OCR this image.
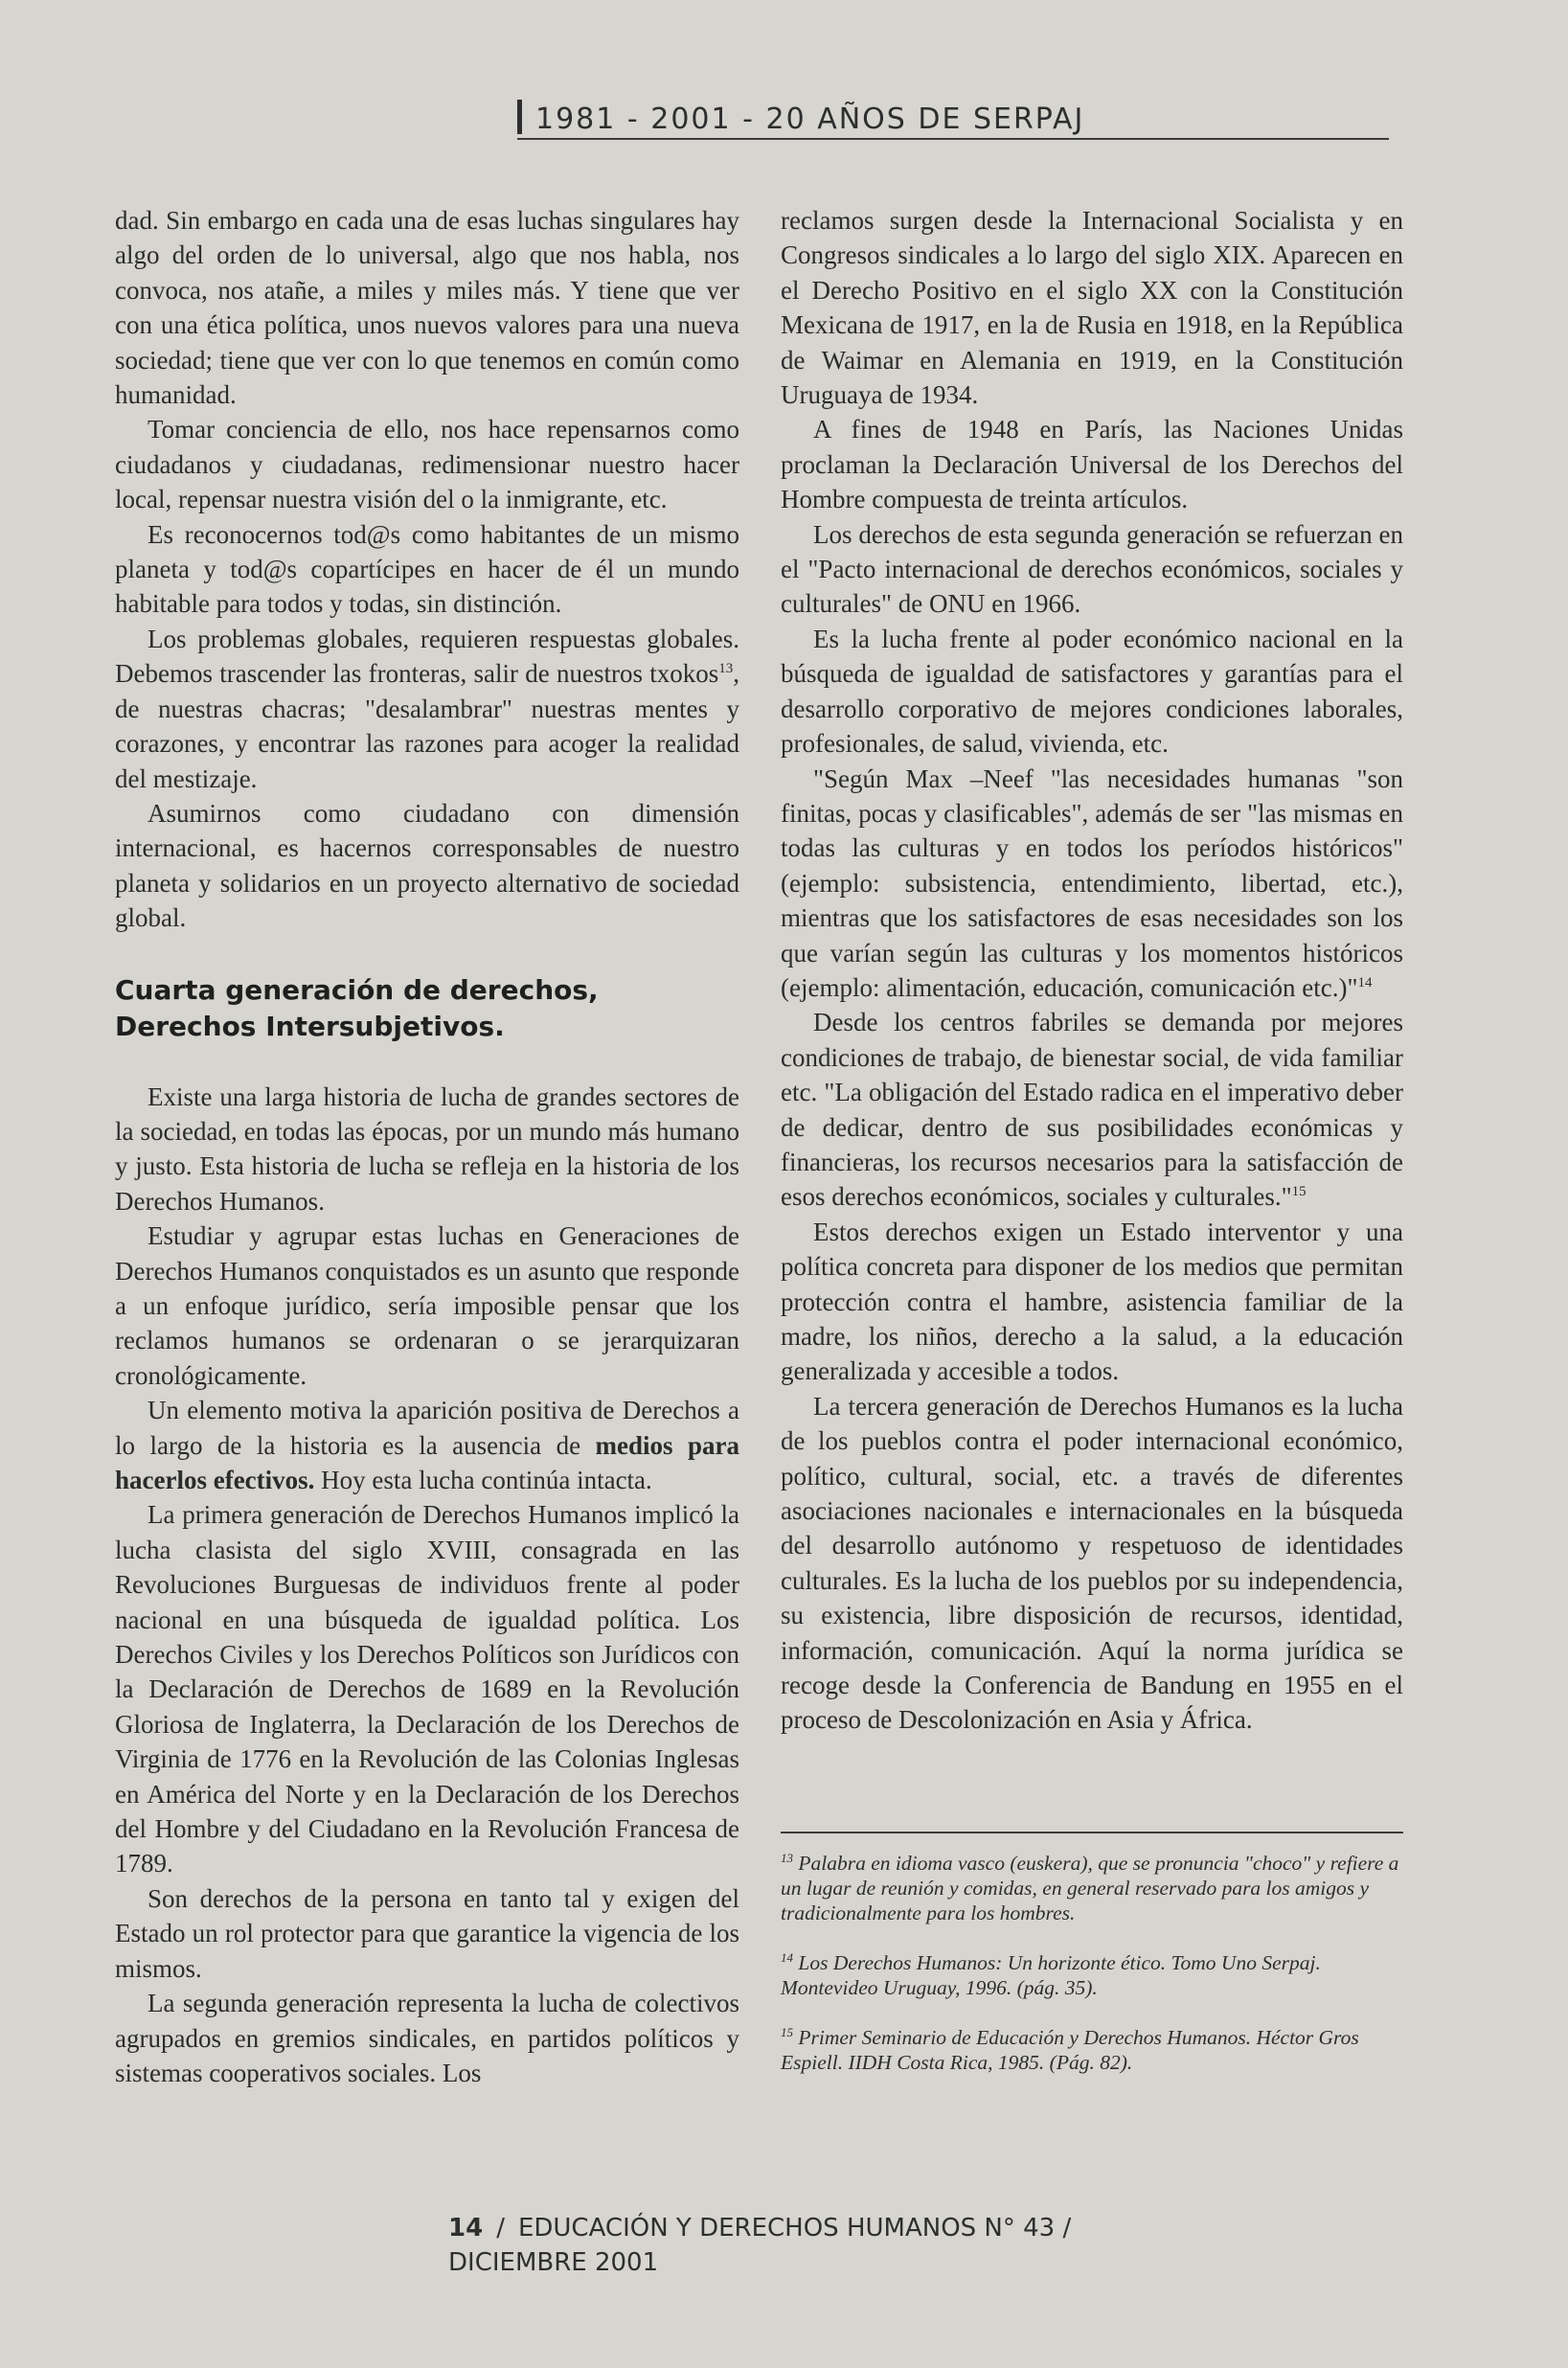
1981 - 2001 - 20 AÑOS DE SERPAJ

dad. Sin embargo en cada una de esas luchas singulares hay algo del orden de lo universal, algo que nos habla, nos convoca, nos atañe, a miles y miles más. Y tiene que ver con una ética política, unos nuevos valores para una nueva sociedad; tiene que ver con lo que tenemos en común como humanidad.

Tomar conciencia de ello, nos hace repensarnos como ciudadanos y ciudadanas, redimensionar nuestro hacer local, repensar nuestra visión del o la inmigrante, etc.

Es reconocernos tod@s como habitantes de un mismo planeta y tod@s copartícipes en hacer de él un mundo habitable para todos y todas, sin distinción.

Los problemas globales, requieren respuestas globales. Debemos trascender las fronteras, salir de nuestros txokos$^{13}$, de nuestras chacras; "desalambrar" nuestras mentes y corazones, y encontrar las razones para acoger la realidad del mestizaje.

Asumirnos como ciudadano con dimensión internacional, es hacernos corresponsables de nuestro planeta y solidarios en un proyecto alternativo de sociedad global.

Cuarta generación de derechos,
Derechos Intersubjetivos.

Existe una larga historia de lucha de grandes sectores de la sociedad, en todas las épocas, por un mundo más humano y justo. Esta historia de lucha se refleja en la historia de los Derechos Humanos.

Estudiar y agrupar estas luchas en Generaciones de Derechos Humanos conquistados es un asunto que responde a un enfoque jurídico, sería imposible pensar que los reclamos humanos se ordenaran o se jerarquizaran cronológicamente.

Un elemento motiva la aparición positiva de Derechos a lo largo de la historia es la ausencia de medios para hacerlos efectivos. Hoy esta lucha continúa intacta.

La primera generación de Derechos Humanos implicó la lucha clasista del siglo XVIII, consagrada en las Revoluciones Burguesas de individuos frente al poder nacional en una búsqueda de igualdad política. Los Derechos Civiles y los Derechos Políticos son Jurídicos con la Declaración de Derechos de 1689 en la Revolución Gloriosa de Inglaterra, la Declaración de los Derechos de Virginia de 1776 en la Revolución de las Colonias Inglesas en América del Norte y en la Declaración de los Derechos del Hombre y del Ciudadano en la Revolución Francesa de 1789.

Son derechos de la persona en tanto tal y exigen del Estado un rol protector para que garantice la vigencia de los mismos.

La segunda generación representa la lucha de colectivos agrupados en gremios sindicales, en partidos políticos y sistemas cooperativos sociales. Los

reclamos surgen desde la Internacional Socialista y en Congresos sindicales a lo largo del siglo XIX. Aparecen en el Derecho Positivo en el siglo XX con la Constitución Mexicana de 1917, en la de Rusia en 1918, en la República de Waimar en Alemania en 1919, en la Constitución Uruguaya de 1934.

A fines de 1948 en París, las Naciones Unidas proclaman la Declaración Universal de los Derechos del Hombre compuesta de treinta artículos.

Los derechos de esta segunda generación se refuerzan en el "Pacto internacional de derechos económicos, sociales y culturales" de ONU en 1966.

Es la lucha frente al poder económico nacional en la búsqueda de igualdad de satisfactores y garantías para el desarrollo corporativo de mejores condiciones laborales, profesionales, de salud, vivienda, etc.

"Según Max –Neef "las necesidades humanas "son finitas, pocas y clasificables", además de ser "las mismas en todas las culturas y en todos los períodos históricos" (ejemplo: subsistencia, entendimiento, libertad, etc.), mientras que los satisfactores de esas necesidades son los que varían según las culturas y los momentos históricos (ejemplo: alimentación, educación, comunicación etc.)"$^{14}$

Desde los centros fabriles se demanda por mejores condiciones de trabajo, de bienestar social, de vida familiar etc. "La obligación del Estado radica en el imperativo deber de dedicar, dentro de sus posibilidades económicas y financieras, los recursos necesarios para la satisfacción de esos derechos económicos, sociales y culturales."$^{15}$

Estos derechos exigen un Estado interventor y una política concreta para disponer de los medios que permitan protección contra el hambre, asistencia familiar de la madre, los niños, derecho a la salud, a la educación generalizada y accesible a todos.

La tercera generación de Derechos Humanos es la lucha de los pueblos contra el poder internacional económico, político, cultural, social, etc. a través de diferentes asociaciones nacionales e internacionales en la búsqueda del desarrollo autónomo y respetuoso de identidades culturales. Es la lucha de los pueblos por su independencia, su existencia, libre disposición de recursos, identidad, información, comunicación. Aquí la norma jurídica se recoge desde la Conferencia de Bandung en 1955 en el proceso de Descolonización en Asia y África.

$^{13}$ Palabra en idioma vasco (euskera), que se pronuncia "choco" y refiere a un lugar de reunión y comidas, en general reservado para los amigos y tradicionalmente para los hombres.

$^{14}$ Los Derechos Humanos: Un horizonte ético. Tomo Uno Serpaj. Montevideo Uruguay, 1996. (pág. 35).

$^{15}$ Primer Seminario de Educación y Derechos Humanos. Héctor Gros Espiell. IIDH Costa Rica, 1985. (Pág. 82).

14 / EDUCACIÓN Y DERECHOS HUMANOS N° 43 / DICIEMBRE 2001
